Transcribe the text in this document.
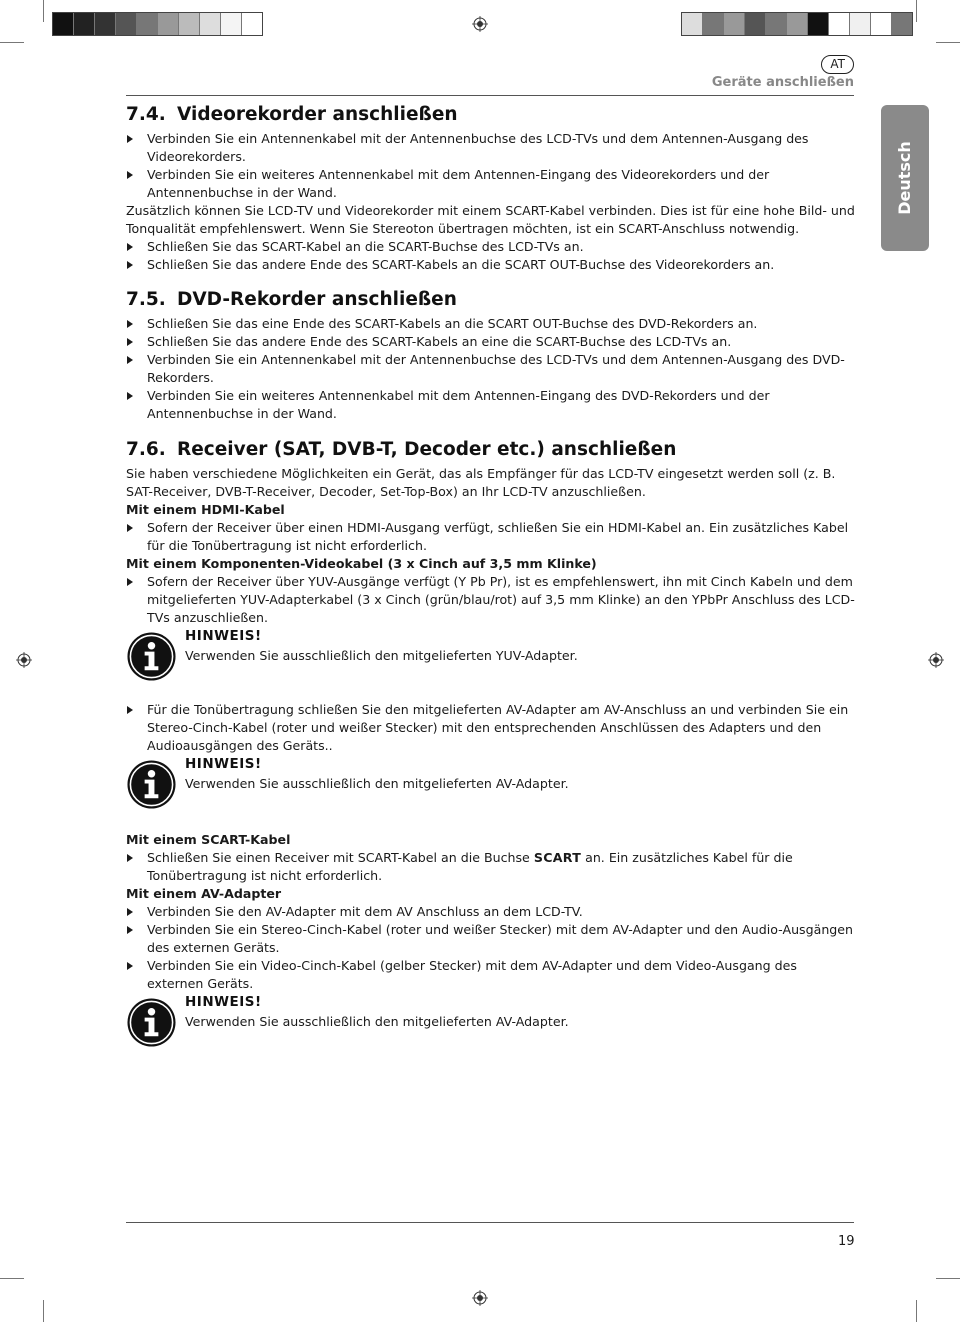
AT
Geräte anschließen
Deutsch
7.4. Videorekorder anschließen
Verbinden Sie ein Antennenkabel mit der Antennenbuchse des LCD-TVs und dem Antennen-Ausgang des Videorekorders.
Verbinden Sie ein weiteres Antennenkabel mit dem Antennen-Eingang des Videorekorders und der Antennenbuchse in der Wand.

Zusätzlich können Sie LCD-TV und Videorekorder mit einem SCART-Kabel verbinden. Dies ist für eine hohe Bild- und Tonqualität empfehlenswert. Wenn Sie Stereoton übertragen möchten, ist ein SCART-Anschluss notwendig.

Schließen Sie das SCART-Kabel an die SCART-Buchse des LCD-TVs an.
Schließen Sie das andere Ende des SCART-Kabels an die SCART OUT-Buchse des Videorekorders an.
7.5. DVD-Rekorder anschließen
Schließen Sie das eine Ende des SCART-Kabels an die SCART OUT-Buchse des DVD-Rekorders an.
Schließen Sie das andere Ende des SCART-Kabels an eine die SCART-Buchse des LCD-TVs an.
Verbinden Sie ein Antennenkabel mit der Antennenbuchse des LCD-TVs und dem Antennen-Ausgang des DVD-Rekorders.
Verbinden Sie ein weiteres Antennenkabel mit dem Antennen-Eingang des DVD-Rekorders und der Antennenbuchse in der Wand.
7.6. Receiver (SAT, DVB-T, Decoder etc.) anschließen

Sie haben verschiedene Möglichkeiten ein Gerät, das als Empfänger für das LCD-TV eingesetzt werden soll (z. B. SAT-Receiver, DVB-T-Receiver, Decoder, Set-Top-Box) an Ihr LCD-TV anzuschließen.

Mit einem HDMI-Kabel

Sofern der Receiver über einen HDMI-Ausgang verfügt, schließen Sie ein HDMI-Kabel an. Ein zusätzliches Kabel für die Tonübertragung ist nicht erforderlich.

Mit einem Komponenten-Videokabel (3 x Cinch auf 3,5 mm Klinke)

Sofern der Receiver über YUV-Ausgänge verfügt (Y Pb Pr), ist es empfehlenswert, ihn mit Cinch Kabeln und dem mitgelieferten YUV-Adapterkabel (3 x Cinch (grün/blau/rot) auf 3,5 mm Klinke) an den YPbPr Anschluss des LCD-TVs anzuschließen.
HINWEIS!
Verwenden Sie ausschließlich den mitgelieferten YUV-Adapter.
Für die Tonübertragung schließen Sie den mitgelieferten AV-Adapter am AV-Anschluss an und verbinden Sie ein Stereo-Cinch-Kabel (roter und weißer Stecker) mit den entsprechenden Anschlüssen des Adapters und den Audioausgängen des Geräts..
HINWEIS!
Verwenden Sie ausschließlich den mitgelieferten AV-Adapter.

Mit einem SCART-Kabel

Schließen Sie einen Receiver mit SCART-Kabel an die Buchse SCART an. Ein zusätzliches Kabel für die Tonübertragung ist nicht erforderlich.

Mit einem AV-Adapter

Verbinden Sie den AV-Adapter mit dem AV Anschluss an dem LCD-TV.
Verbinden Sie ein Stereo-Cinch-Kabel (roter und weißer Stecker) mit dem AV-Adapter und den Audio-Ausgängen des externen Geräts.
Verbinden Sie ein Video-Cinch-Kabel (gelber Stecker) mit dem AV-Adapter und dem Video-Ausgang des externen Geräts.
HINWEIS!
Verwenden Sie ausschließlich den mitgelieferten AV-Adapter.
19
